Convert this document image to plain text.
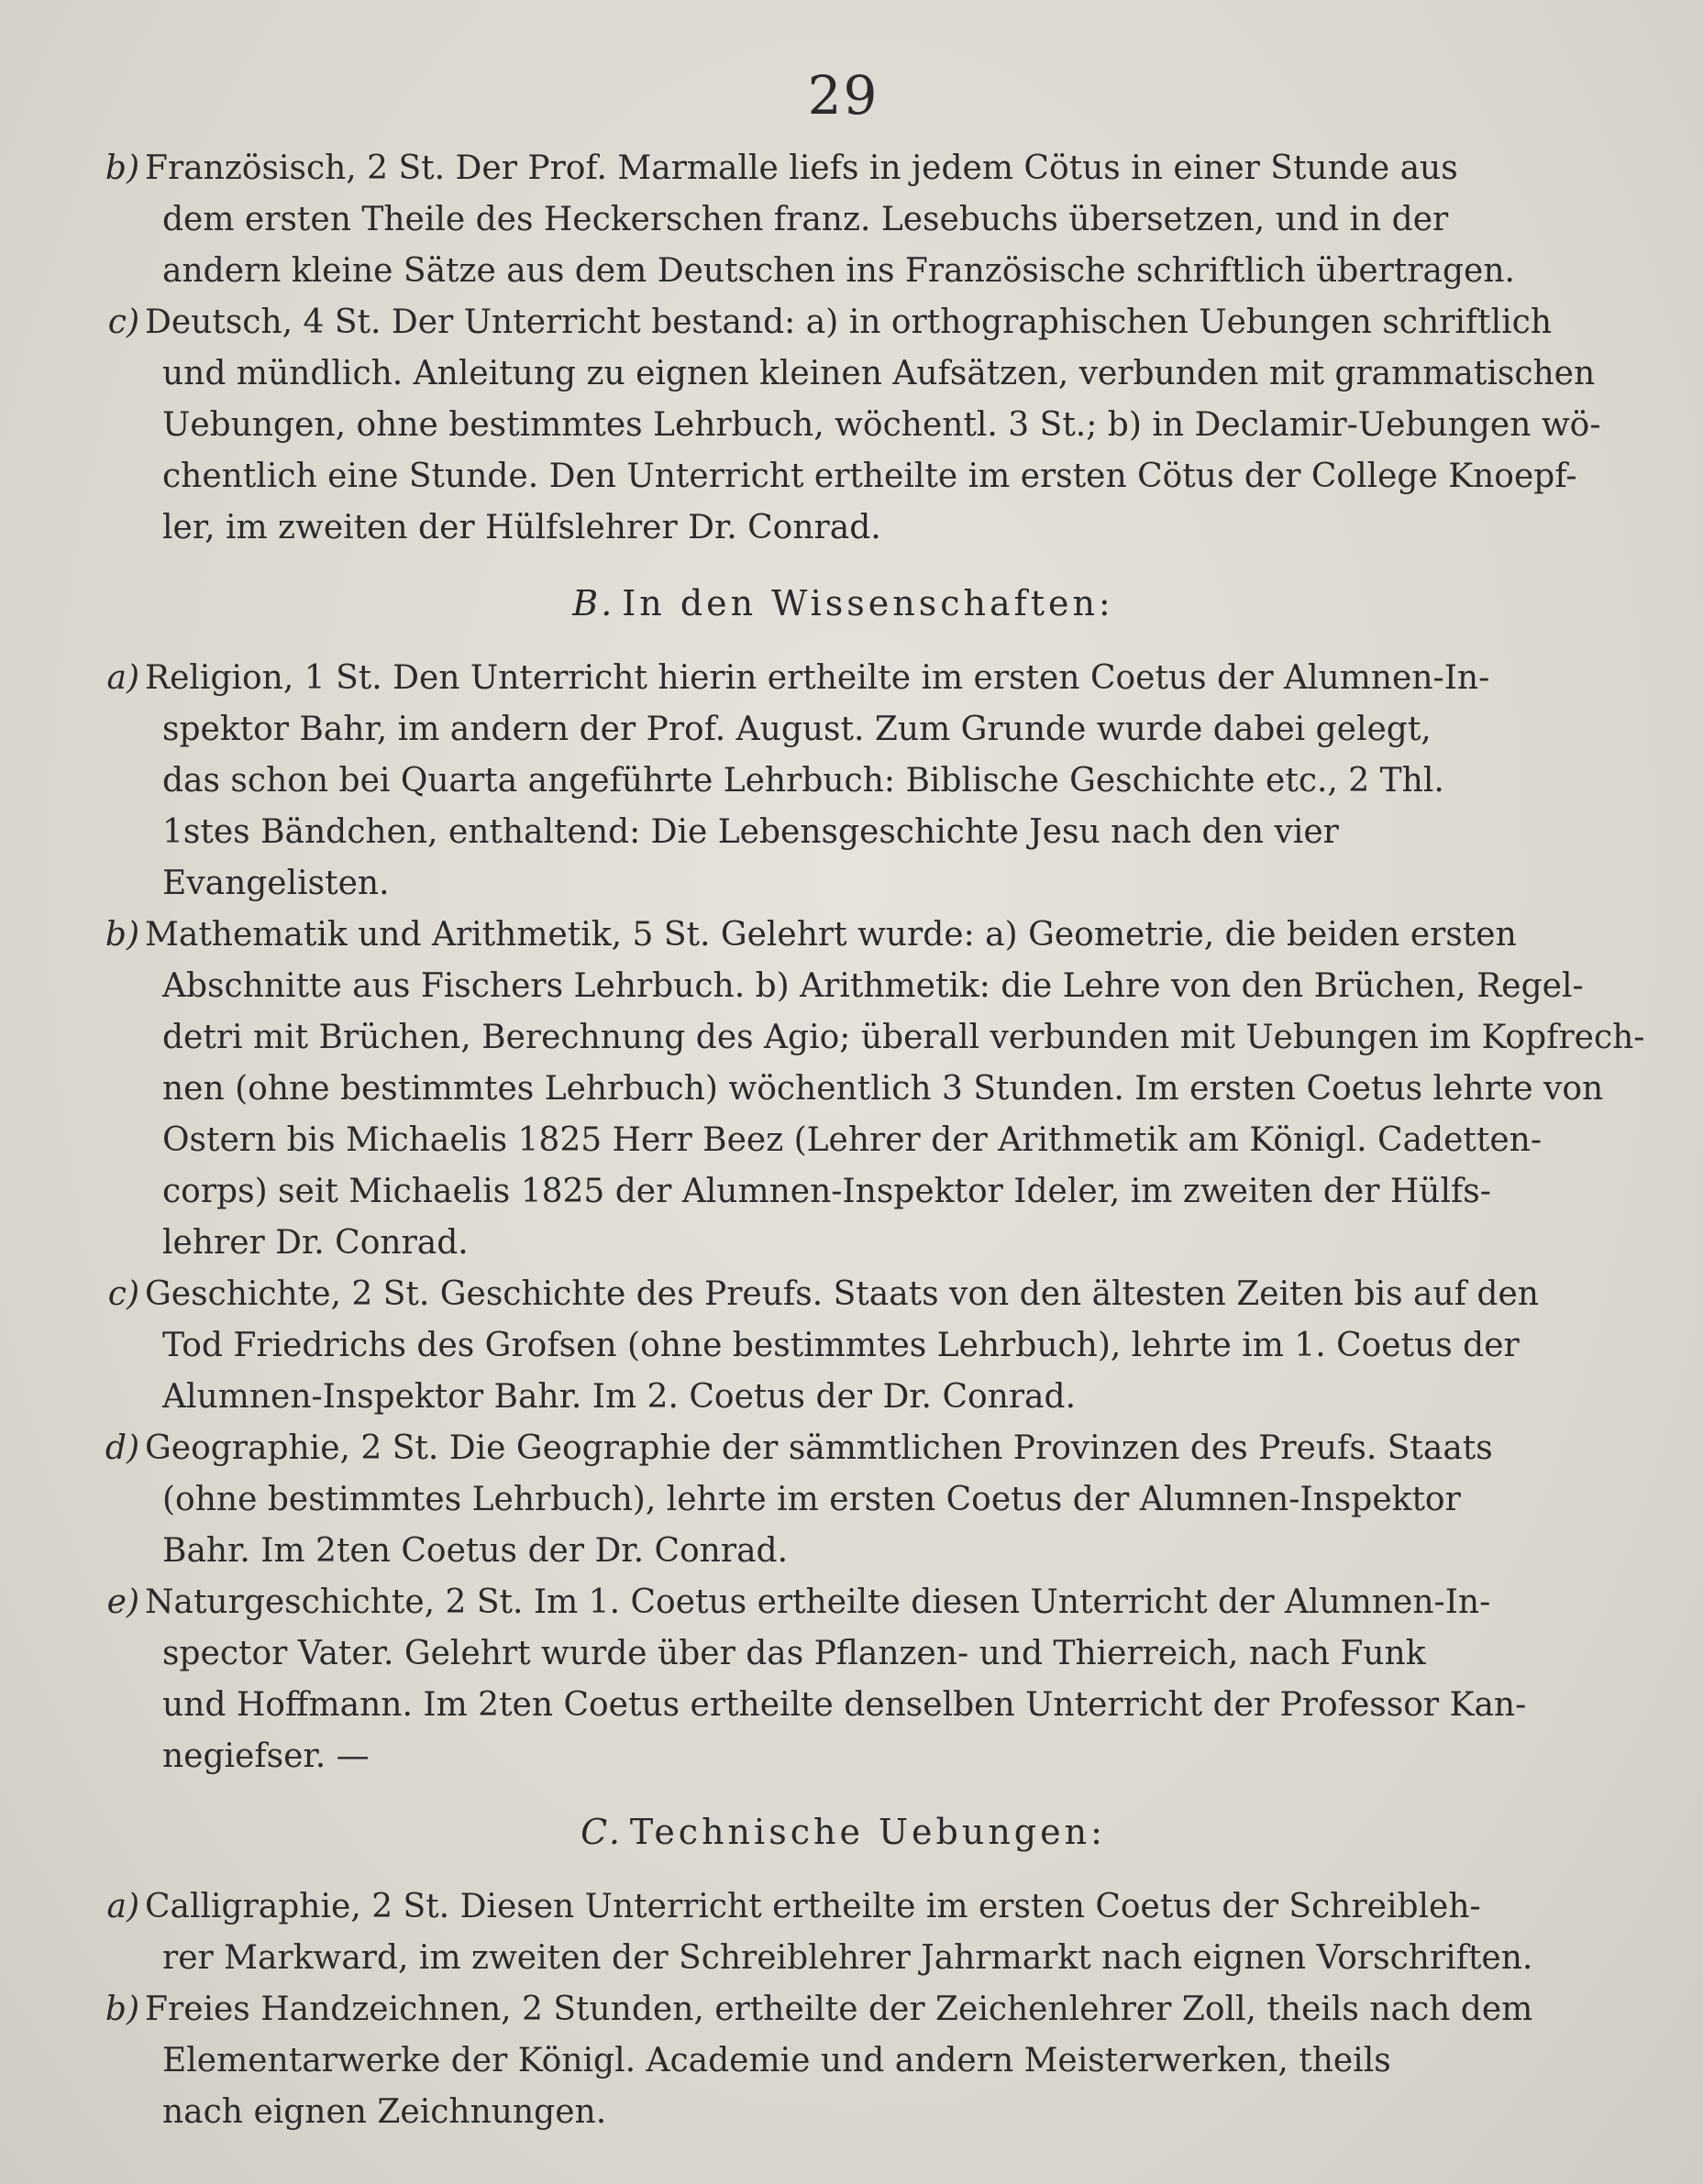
29

b) Französisch, 2 St. Der Prof. Marmalle liefs in jedem Cötus in einer Stunde aus
dem ersten Theile des Heckerschen franz. Lesebuchs übersetzen, und in der
andern kleine Sätze aus dem Deutschen ins Französische schriftlich übertragen.

c) Deutsch, 4 St. Der Unterricht bestand: a) in orthographischen Uebungen schriftlich
und mündlich. Anleitung zu eignen kleinen Aufsätzen, verbunden mit grammatischen
Uebungen, ohne bestimmtes Lehrbuch, wöchentl. 3 St.; b) in Declamir-Uebungen wö-
chentlich eine Stunde. Den Unterricht ertheilte im ersten Cötus der College Knoepf-
ler, im zweiten der Hülfslehrer Dr. Conrad.

B. In den Wissenschaften:

a) Religion, 1 St. Den Unterricht hierin ertheilte im ersten Coetus der Alumnen-In-
spektor Bahr, im andern der Prof. August. Zum Grunde wurde dabei gelegt,
das schon bei Quarta angeführte Lehrbuch: Biblische Geschichte etc., 2 Thl.
1stes Bändchen, enthaltend: Die Lebensgeschichte Jesu nach den vier
Evangelisten.

b) Mathematik und Arithmetik, 5 St. Gelehrt wurde: a) Geometrie, die beiden ersten
Abschnitte aus Fischers Lehrbuch. b) Arithmetik: die Lehre von den Brüchen, Regel-
detri mit Brüchen, Berechnung des Agio; überall verbunden mit Uebungen im Kopfrech-
nen (ohne bestimmtes Lehrbuch) wöchentlich 3 Stunden. Im ersten Coetus lehrte von
Ostern bis Michaelis 1825 Herr Beez (Lehrer der Arithmetik am Königl. Cadetten-
corps) seit Michaelis 1825 der Alumnen-Inspektor Ideler, im zweiten der Hülfs-
lehrer Dr. Conrad.

c) Geschichte, 2 St. Geschichte des Preufs. Staats von den ältesten Zeiten bis auf den
Tod Friedrichs des Grofsen (ohne bestimmtes Lehrbuch), lehrte im 1. Coetus der
Alumnen-Inspektor Bahr. Im 2. Coetus der Dr. Conrad.

d) Geographie, 2 St. Die Geographie der sämmtlichen Provinzen des Preufs. Staats
(ohne bestimmtes Lehrbuch), lehrte im ersten Coetus der Alumnen-Inspektor
Bahr. Im 2ten Coetus der Dr. Conrad.

e) Naturgeschichte, 2 St. Im 1. Coetus ertheilte diesen Unterricht der Alumnen-In-
spector Vater. Gelehrt wurde über das Pflanzen- und Thierreich, nach Funk
und Hoffmann. Im 2ten Coetus ertheilte denselben Unterricht der Professor Kan-
negiefser. —

C. Technische Uebungen:

a) Calligraphie, 2 St. Diesen Unterricht ertheilte im ersten Coetus der Schreibleh-
rer Markward, im zweiten der Schreiblehrer Jahrmarkt nach eignen Vorschriften.

b) Freies Handzeichnen, 2 Stunden, ertheilte der Zeichenlehrer Zoll, theils nach dem
Elementarwerke der Königl. Academie und andern Meisterwerken, theils
nach eignen Zeichnungen.
